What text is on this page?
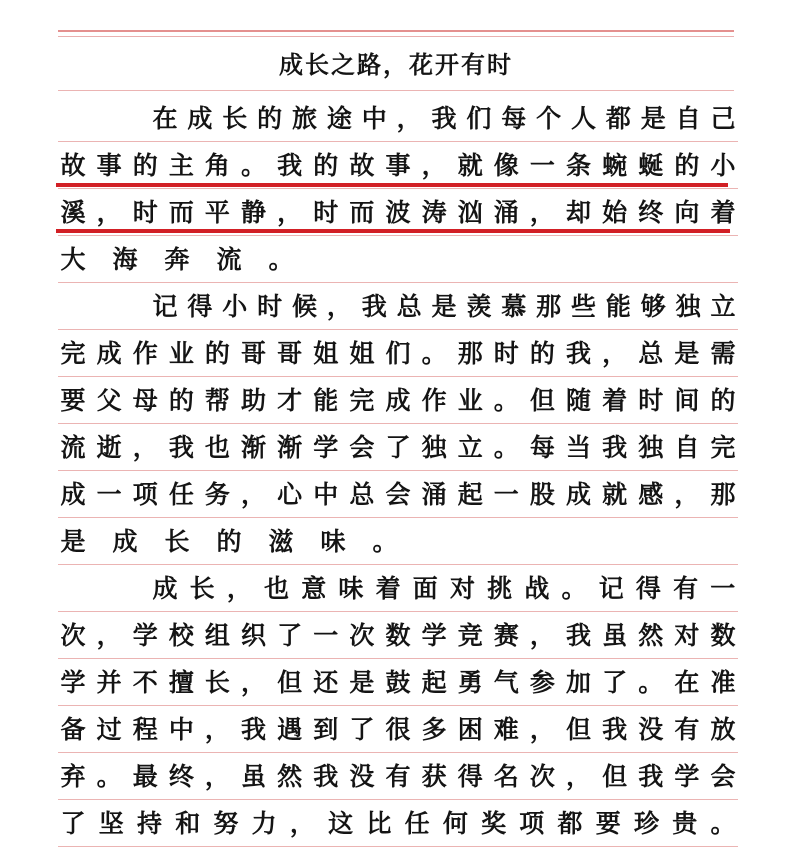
成长之路，花开有时
在 成 长 的 旅 途 中 ， 我 们 每 个 人 都 是 自 己
故 事 的 主 角 。 我 的 故 事 ， 就 像 一 条 蜿 蜒 的 小
溪 ， 时 而 平 静 ， 时 而 波 涛 汹 涌 ， 却 始 终 向 着
大 海 奔 流 。
记 得 小 时 候 ， 我 总 是 羡 慕 那 些 能 够 独 立
完 成 作 业 的 哥 哥 姐 姐 们 。 那 时 的 我 ， 总 是 需
要 父 母 的 帮 助 才 能 完 成 作 业 。 但 随 着 时 间 的
流 逝 ， 我 也 渐 渐 学 会 了 独 立 。 每 当 我 独 自 完
成 一 项 任 务 ， 心 中 总 会 涌 起 一 股 成 就 感 ， 那
是 成 长 的 滋 味 。
成 长 ， 也 意 味 着 面 对 挑 战 。 记 得 有 一
次 ， 学 校 组 织 了 一 次 数 学 竞 赛 ， 我 虽 然 对 数
学 并 不 擅 长 ， 但 还 是 鼓 起 勇 气 参 加 了 。 在 准
备 过 程 中 ， 我 遇 到 了 很 多 困 难 ， 但 我 没 有 放
弃 。 最 终 ， 虽 然 我 没 有 获 得 名 次 ， 但 我 学 会
了 坚 持 和 努 力 ， 这 比 任 何 奖 项 都 要 珍 贵 。
